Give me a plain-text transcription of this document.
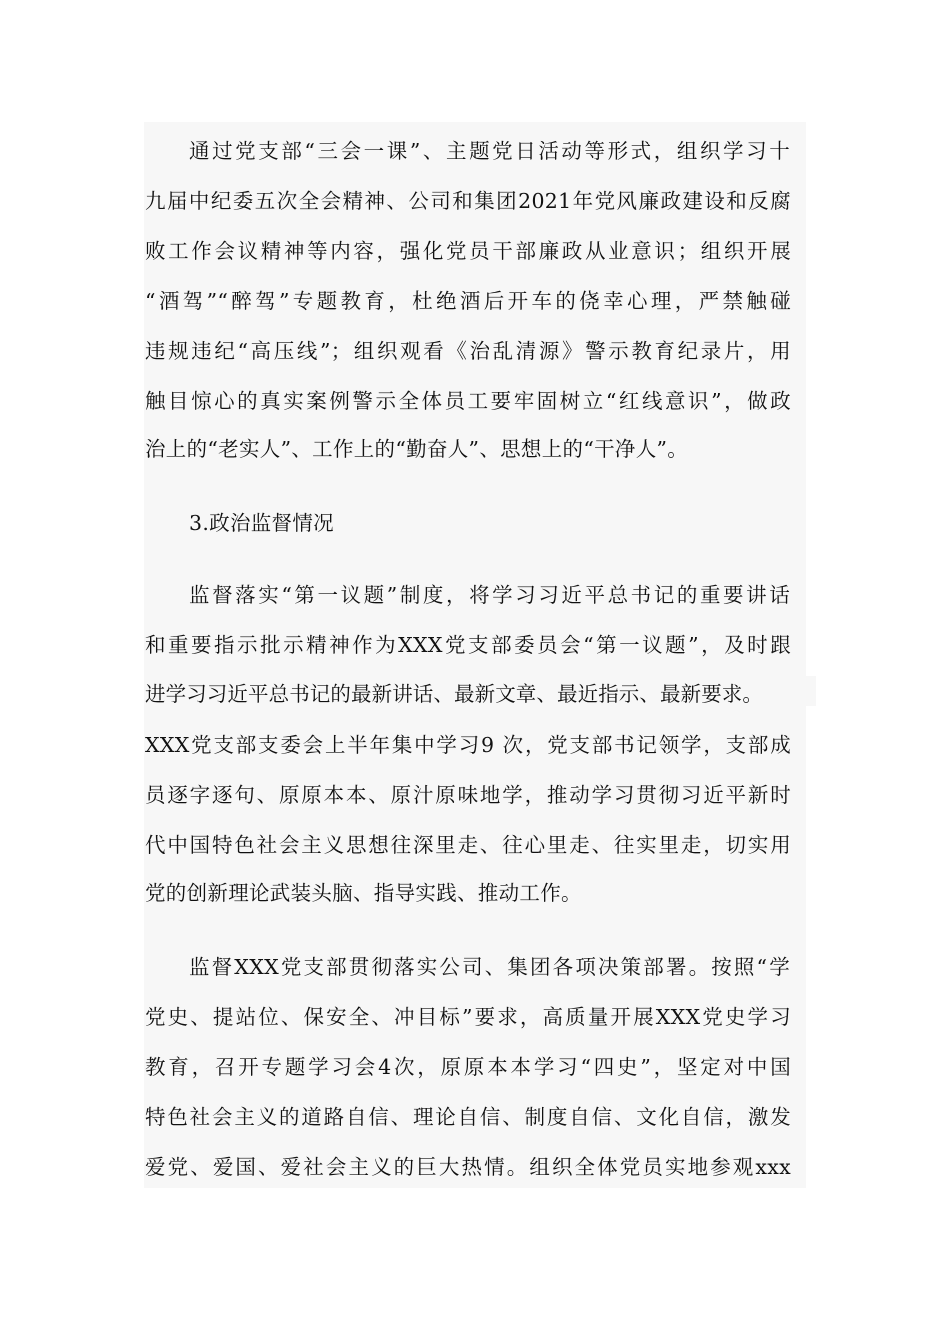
通过党支部“三会一课”、主题党日活动等形式，组织学习十
九届中纪委五次全会精神、公司和集团2021年党风廉政建设和反腐
败工作会议精神等内容，强化党员干部廉政从业意识；组织开展
“酒驾”“醉驾”专题教育，杜绝酒后开车的侥幸心理，严禁触碰
违规违纪“高压线”；组织观看《治乱清源》警示教育纪录片，用
触目惊心的真实案例警示全体员工要牢固树立“红线意识”，做政
治上的“老实人”、工作上的“勤奋人”、思想上的“干净人”。
3.政治监督情况
监督落实“第一议题”制度，将学习习近平总书记的重要讲话
和重要指示批示精神作为XXX党支部委员会“第一议题”，及时跟
进学习习近平总书记的最新讲话、最新文章、最近指示、最新要求。
XXX党支部支委会上半年集中学习9 次，党支部书记领学，支部成
员逐字逐句、原原本本、原汁原味地学，推动学习贯彻习近平新时
代中国特色社会主义思想往深里走、往心里走、往实里走，切实用
党的创新理论武装头脑、指导实践、推动工作。
监督XXX党支部贯彻落实公司、集团各项决策部署。按照“学
党史、提站位、保安全、冲目标”要求，高质量开展XXX党史学习
教育，召开专题学习会4次，原原本本学习“四史”，坚定对中国
特色社会主义的道路自信、理论自信、制度自信、文化自信，激发
爱党、爱国、爱社会主义的巨大热情。组织全体党员实地参观xxx
